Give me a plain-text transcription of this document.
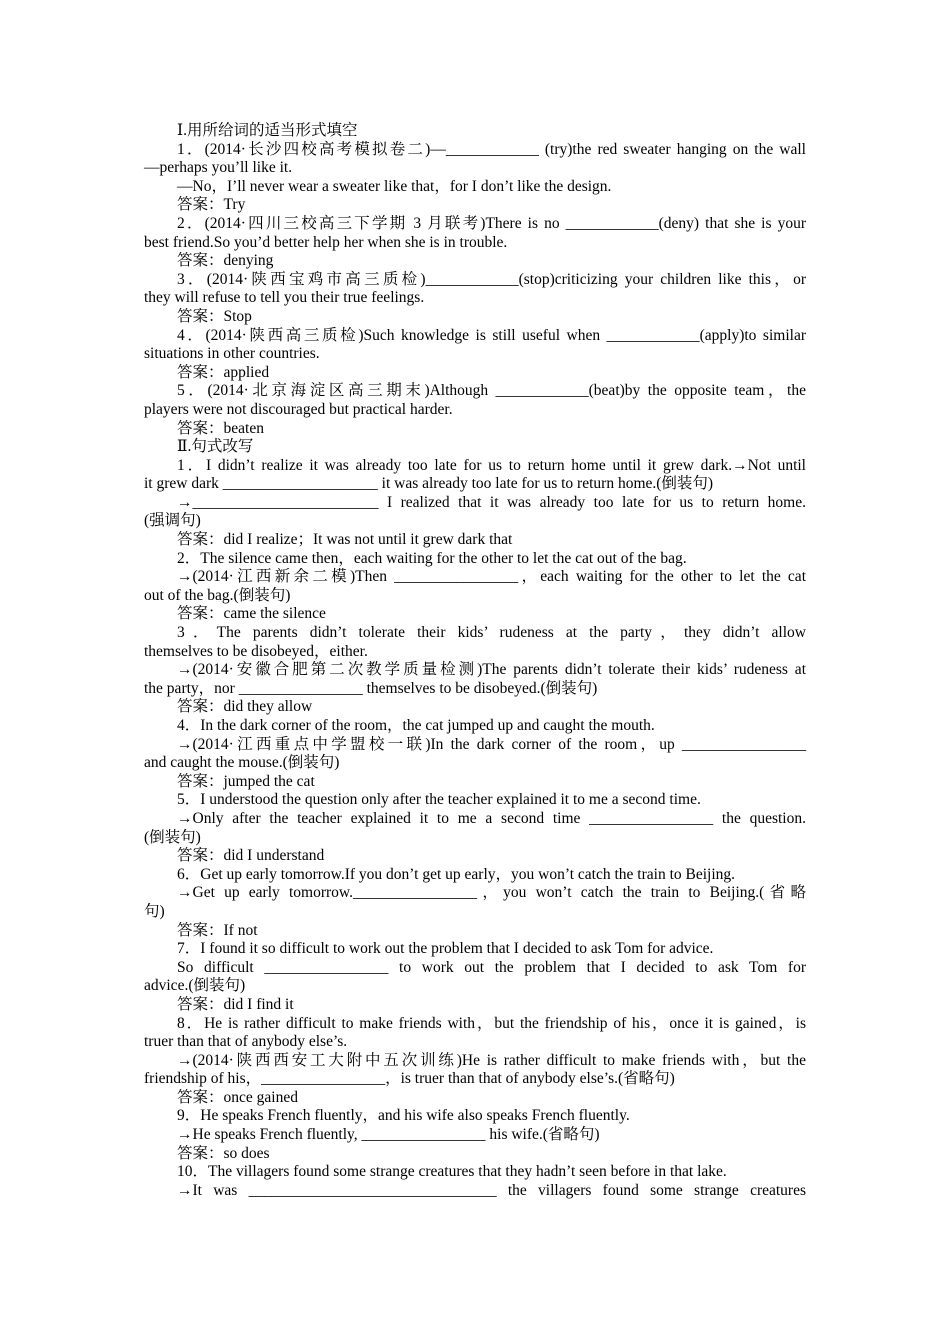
Ⅰ.用所给词的适当形式填空
1．(2014·长沙四校高考模拟卷二)—____________ (try)the red sweater hanging on the wall
—perhaps you’ll like it.
—No，I’ll never wear a sweater like that，for I don’t like the design.
答案：Try
2．(2014·四川三校高三下学期 3 月联考)There is no ____________(deny) that she is your
best friend.So you’d better help her when she is in trouble.
答案：denying
3．(2014·陕西宝鸡市高三质检)____________(stop)criticizing your children like this，or
they will refuse to tell you their true feelings.
答案：Stop
4．(2014·陕西高三质检)Such knowledge is still useful when ____________(apply)to similar
situations in other countries.
答案：applied
5．(2014·北京海淀区高三期末)Although ____________(beat)by the opposite team，the
players were not discouraged but practical harder.
答案：beaten
Ⅱ.句式改写
1．I didn’t realize it was already too late for us to return home until it grew dark.→Not until
it grew dark ____________________ it was already too late for us to return home.(倒装句)
→________________________ I realized that it was already too late for us to return home.
(强调句)
答案：did I realize；It was not until it grew dark that
2．The silence came then，each waiting for the other to let the cat out of the bag.
→(2014·江西新余二模)Then ________________，each waiting for the other to let the cat
out of the bag.(倒装句)
答案：came the silence
3．The parents didn’t tolerate their kids’ rudeness at the party，they didn’t allow
themselves to be disobeyed，either.
→(2014·安徽合肥第二次教学质量检测)The parents didn’t tolerate their kids’ rudeness at
the party，nor ________________ themselves to be disobeyed.(倒装句)
答案：did they allow
4．In the dark corner of the room，the cat jumped up and caught the mouth.
→(2014·江西重点中学盟校一联)In the dark corner of the room，up ________________
and caught the mouse.(倒装句)
答案：jumped the cat
5．I understood the question only after the teacher explained it to me a second time.
→Only after the teacher explained it to me a second time ________________ the question.
(倒装句)
答案：did I understand
6．Get up early tomorrow.If you don’t get up early，you won’t catch the train to Beijing.
→Get up early tomorrow.________________，you won’t catch the train to Beijing.(省略
句)
答案：If not
7．I found it so difficult to work out the problem that I decided to ask Tom for advice.
So difficult ________________ to work out the problem that I decided to ask Tom for
advice.(倒装句)
答案：did I find it
8．He is rather difficult to make friends with，but the friendship of his，once it is gained，is
truer than that of anybody else’s.
→(2014·陕西西安工大附中五次训练)He is rather difficult to make friends with，but the
friendship of his，________________，is truer than that of anybody else’s.(省略句)
答案：once gained
9．He speaks French fluently，and his wife also speaks French fluently.
→He speaks French fluently, ________________ his wife.(省略句)
答案：so does
10．The villagers found some strange creatures that they hadn’t seen before in that lake.
→It was ________________________________ the villagers found some strange creatures
